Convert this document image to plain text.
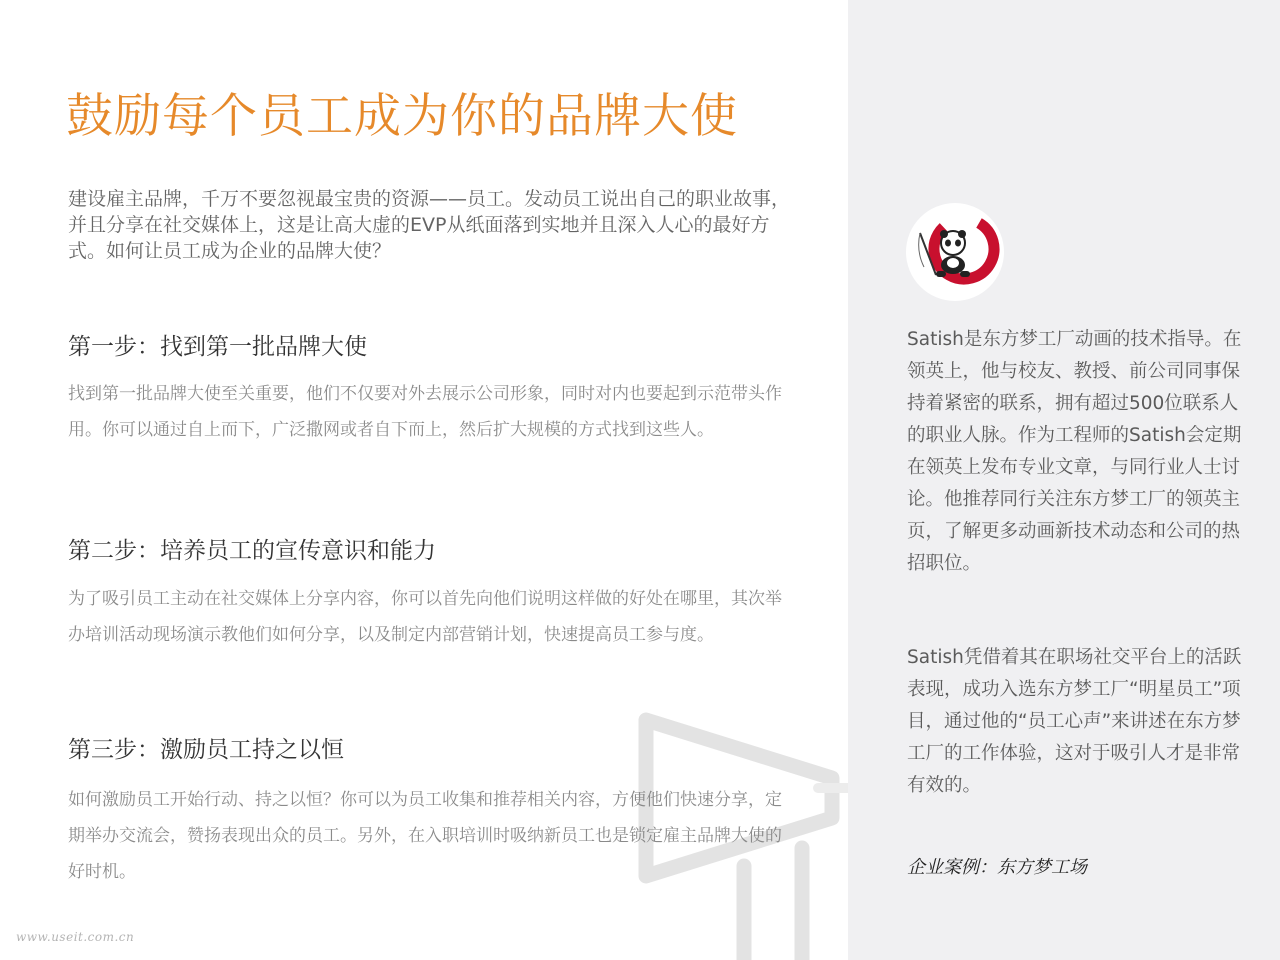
鼓励每个员工成为你的品牌大使
建设雇主品牌，千万不要忽视最宝贵的资源——员工。发动员工说出自己的职业故事，并且分享在社交媒体上，这是让高大虚的EVP从纸面落到实地并且深入人心的最好方式。如何让员工成为企业的品牌大使？
第一步：找到第一批品牌大使
找到第一批品牌大使至关重要，他们不仅要对外去展示公司形象，同时对内也要起到示范带头作用。你可以通过自上而下，广泛撒网或者自下而上，然后扩大规模的方式找到这些人。
第二步：培养员工的宣传意识和能力
为了吸引员工主动在社交媒体上分享内容，你可以首先向他们说明这样做的好处在哪里，其次举办培训活动现场演示教他们如何分享，以及制定内部营销计划，快速提高员工参与度。
第三步：激励员工持之以恒
如何激励员工开始行动、持之以恒？你可以为员工收集和推荐相关内容，方便他们快速分享，定期举办交流会，赞扬表现出众的员工。另外，在入职培训时吸纳新员工也是锁定雇主品牌大使的好时机。
www.useit.com.cn
Satish是东方梦工厂动画的技术指导。在领英上，他与校友、教授、前公司同事保持着紧密的联系，拥有超过500位联系人的职业人脉。作为工程师的Satish会定期在领英上发布专业文章，与同行业人士讨论。他推荐同行关注东方梦工厂的领英主页，了解更多动画新技术动态和公司的热招职位。
Satish凭借着其在职场社交平台上的活跃表现，成功入选东方梦工厂“明星员工”项目，通过他的“员工心声”来讲述在东方梦工厂的工作体验，这对于吸引人才是非常有效的。
企业案例：东方梦工场
